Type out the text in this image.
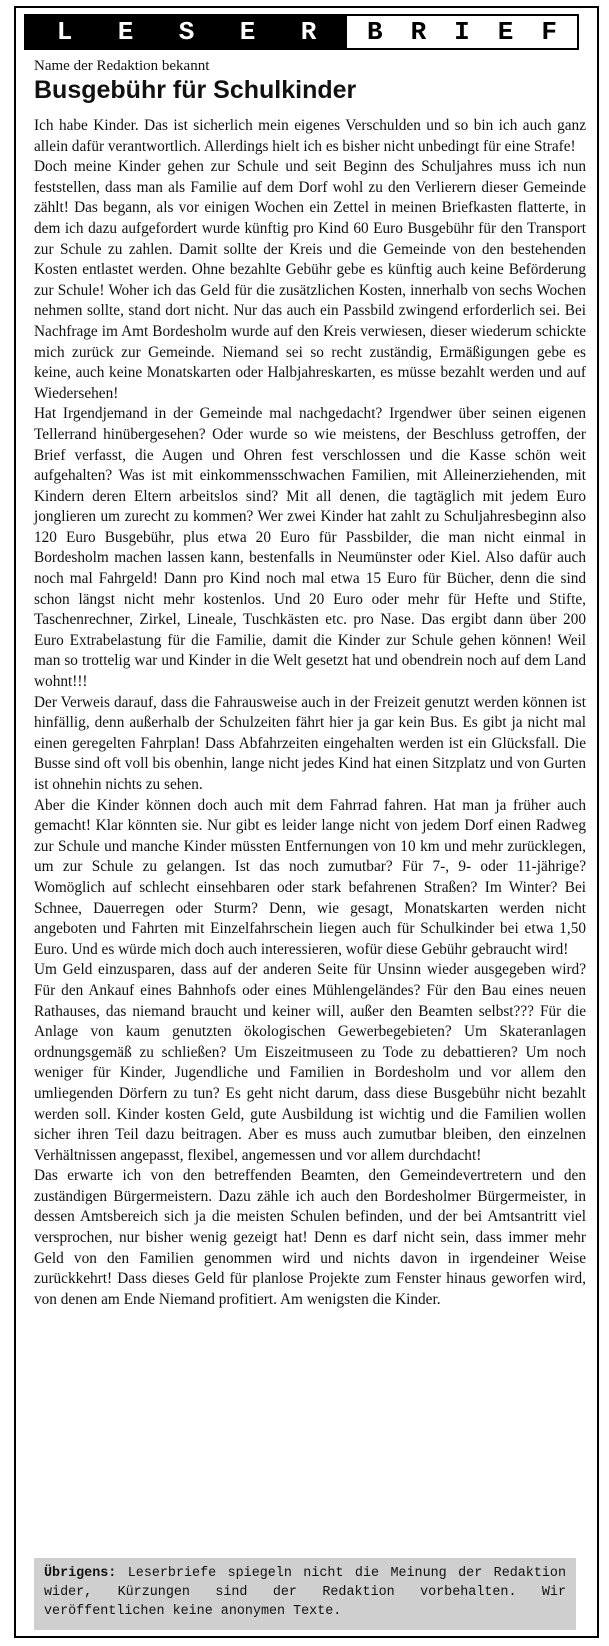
L E S E R B R I E F
Name der Redaktion bekannt
Busgebühr für Schulkinder

Ich habe Kinder. Das ist sicherlich mein eigenes Verschulden und so bin ich auch ganz allein dafür verantwortlich. Allerdings hielt ich es bisher nicht unbedingt für eine Strafe!

Doch meine Kinder gehen zur Schule und seit Beginn des Schuljahres muss ich nun feststellen, dass man als Familie auf dem Dorf wohl zu den Verlierern dieser Gemeinde zählt! Das begann, als vor einigen Wochen ein Zettel in meinen Briefkasten flatterte, in dem ich dazu aufgefordert wurde künftig pro Kind 60 Euro Busgebühr für den Transport zur Schule zu zahlen. Damit sollte der Kreis und die Gemeinde von den bestehenden Kosten entlastet werden. Ohne bezahlte Gebühr gebe es künftig auch keine Beförderung zur Schule! Woher ich das Geld für die zusätzlichen Kosten, innerhalb von sechs Wochen nehmen sollte, stand dort nicht. Nur das auch ein Passbild zwingend erforderlich sei. Bei Nachfrage im Amt Bordesholm wurde auf den Kreis verwiesen, dieser wiederum schickte mich zurück zur Gemeinde. Niemand sei so recht zuständig, Ermäßigungen gebe es keine, auch keine Monatskarten oder Halbjahreskarten, es müsse bezahlt werden und auf Wiedersehen!

Hat Irgendjemand in der Gemeinde mal nachgedacht? Irgendwer über seinen eigenen Tellerrand hinübergesehen? Oder wurde so wie meistens, der Beschluss getroffen, der Brief verfasst, die Augen und Ohren fest verschlossen und die Kasse schön weit aufgehalten? Was ist mit einkommensschwachen Familien, mit Alleinerziehenden, mit Kindern deren Eltern arbeitslos sind? Mit all denen, die tagtäglich mit jedem Euro jonglieren um zurecht zu kommen? Wer zwei Kinder hat zahlt zu Schuljahresbeginn also 120 Euro Busgebühr, plus etwa 20 Euro für Passbilder, die man nicht einmal in Bordesholm machen lassen kann, bestenfalls in Neumünster oder Kiel. Also dafür auch noch mal Fahrgeld! Dann pro Kind noch mal etwa 15 Euro für Bücher, denn die sind schon längst nicht mehr kostenlos. Und 20 Euro oder mehr für Hefte und Stifte, Taschenrechner, Zirkel, Lineale, Tuschkästen etc. pro Nase. Das ergibt dann über 200 Euro Extrabelastung für die Familie, damit die Kinder zur Schule gehen können! Weil man so trottelig war und Kinder in die Welt gesetzt hat und obendrein noch auf dem Land wohnt!!!

Der Verweis darauf, dass die Fahrausweise auch in der Freizeit genutzt werden können ist hinfällig, denn außerhalb der Schulzeiten fährt hier ja gar kein Bus. Es gibt ja nicht mal einen geregelten Fahrplan! Dass Abfahrzeiten eingehalten werden ist ein Glücksfall. Die Busse sind oft voll bis obenhin, lange nicht jedes Kind hat einen Sitzplatz und von Gurten ist ohnehin nichts zu sehen.

Aber die Kinder können doch auch mit dem Fahrrad fahren. Hat man ja früher auch gemacht! Klar könnten sie. Nur gibt es leider lange nicht von jedem Dorf einen Radweg zur Schule und manche Kinder müssten Entfernungen von 10 km und mehr zurücklegen, um zur Schule zu gelangen. Ist das noch zumutbar? Für 7-, 9- oder 11-jährige? Womöglich auf schlecht einsehbaren oder stark befahrenen Straßen? Im Winter? Bei Schnee, Dauerregen oder Sturm? Denn, wie gesagt, Monatskarten werden nicht angeboten und Fahrten mit Einzelfahrschein liegen auch für Schulkinder bei etwa 1,50 Euro. Und es würde mich doch auch interessieren, wofür diese Gebühr gebraucht wird!

Um Geld einzusparen, dass auf der anderen Seite für Unsinn wieder ausgegeben wird? Für den Ankauf eines Bahnhofs oder eines Mühlengeländes? Für den Bau eines neuen Rathauses, das niemand braucht und keiner will, außer den Beamten selbst??? Für die Anlage von kaum genutzten ökologischen Gewerbegebieten? Um Skateranlagen ordnungsgemäß zu schließen? Um Eiszeitmuseen zu Tode zu debattieren? Um noch weniger für Kinder, Jugendliche und Familien in Bordesholm und vor allem den umliegenden Dörfern zu tun? Es geht nicht darum, dass diese Busgebühr nicht bezahlt werden soll. Kinder kosten Geld, gute Ausbildung ist wichtig und die Familien wollen sicher ihren Teil dazu beitragen. Aber es muss auch zumutbar bleiben, den einzelnen Verhältnissen angepasst, flexibel, angemessen und vor allem durchdacht!

Das erwarte ich von den betreffenden Beamten, den Gemeindevertretern und den zuständigen Bürgermeistern. Dazu zähle ich auch den Bordesholmer Bürgermeister, in dessen Amtsbereich sich ja die meisten Schulen befinden, und der bei Amtsantritt viel versprochen, nur bisher wenig gezeigt hat! Denn es darf nicht sein, dass immer mehr Geld von den Familien genommen wird und nichts davon in irgendeiner Weise zurückkehrt! Dass dieses Geld für planlose Projekte zum Fenster hinaus geworfen wird, von denen am Ende Niemand profitiert. Am wenigsten die Kinder.

Übrigens: Leserbriefe spiegeln nicht die Meinung der Redaktion wider, Kürzungen sind der Redaktion vorbehalten. Wir veröffentlichen keine anonymen Texte.
